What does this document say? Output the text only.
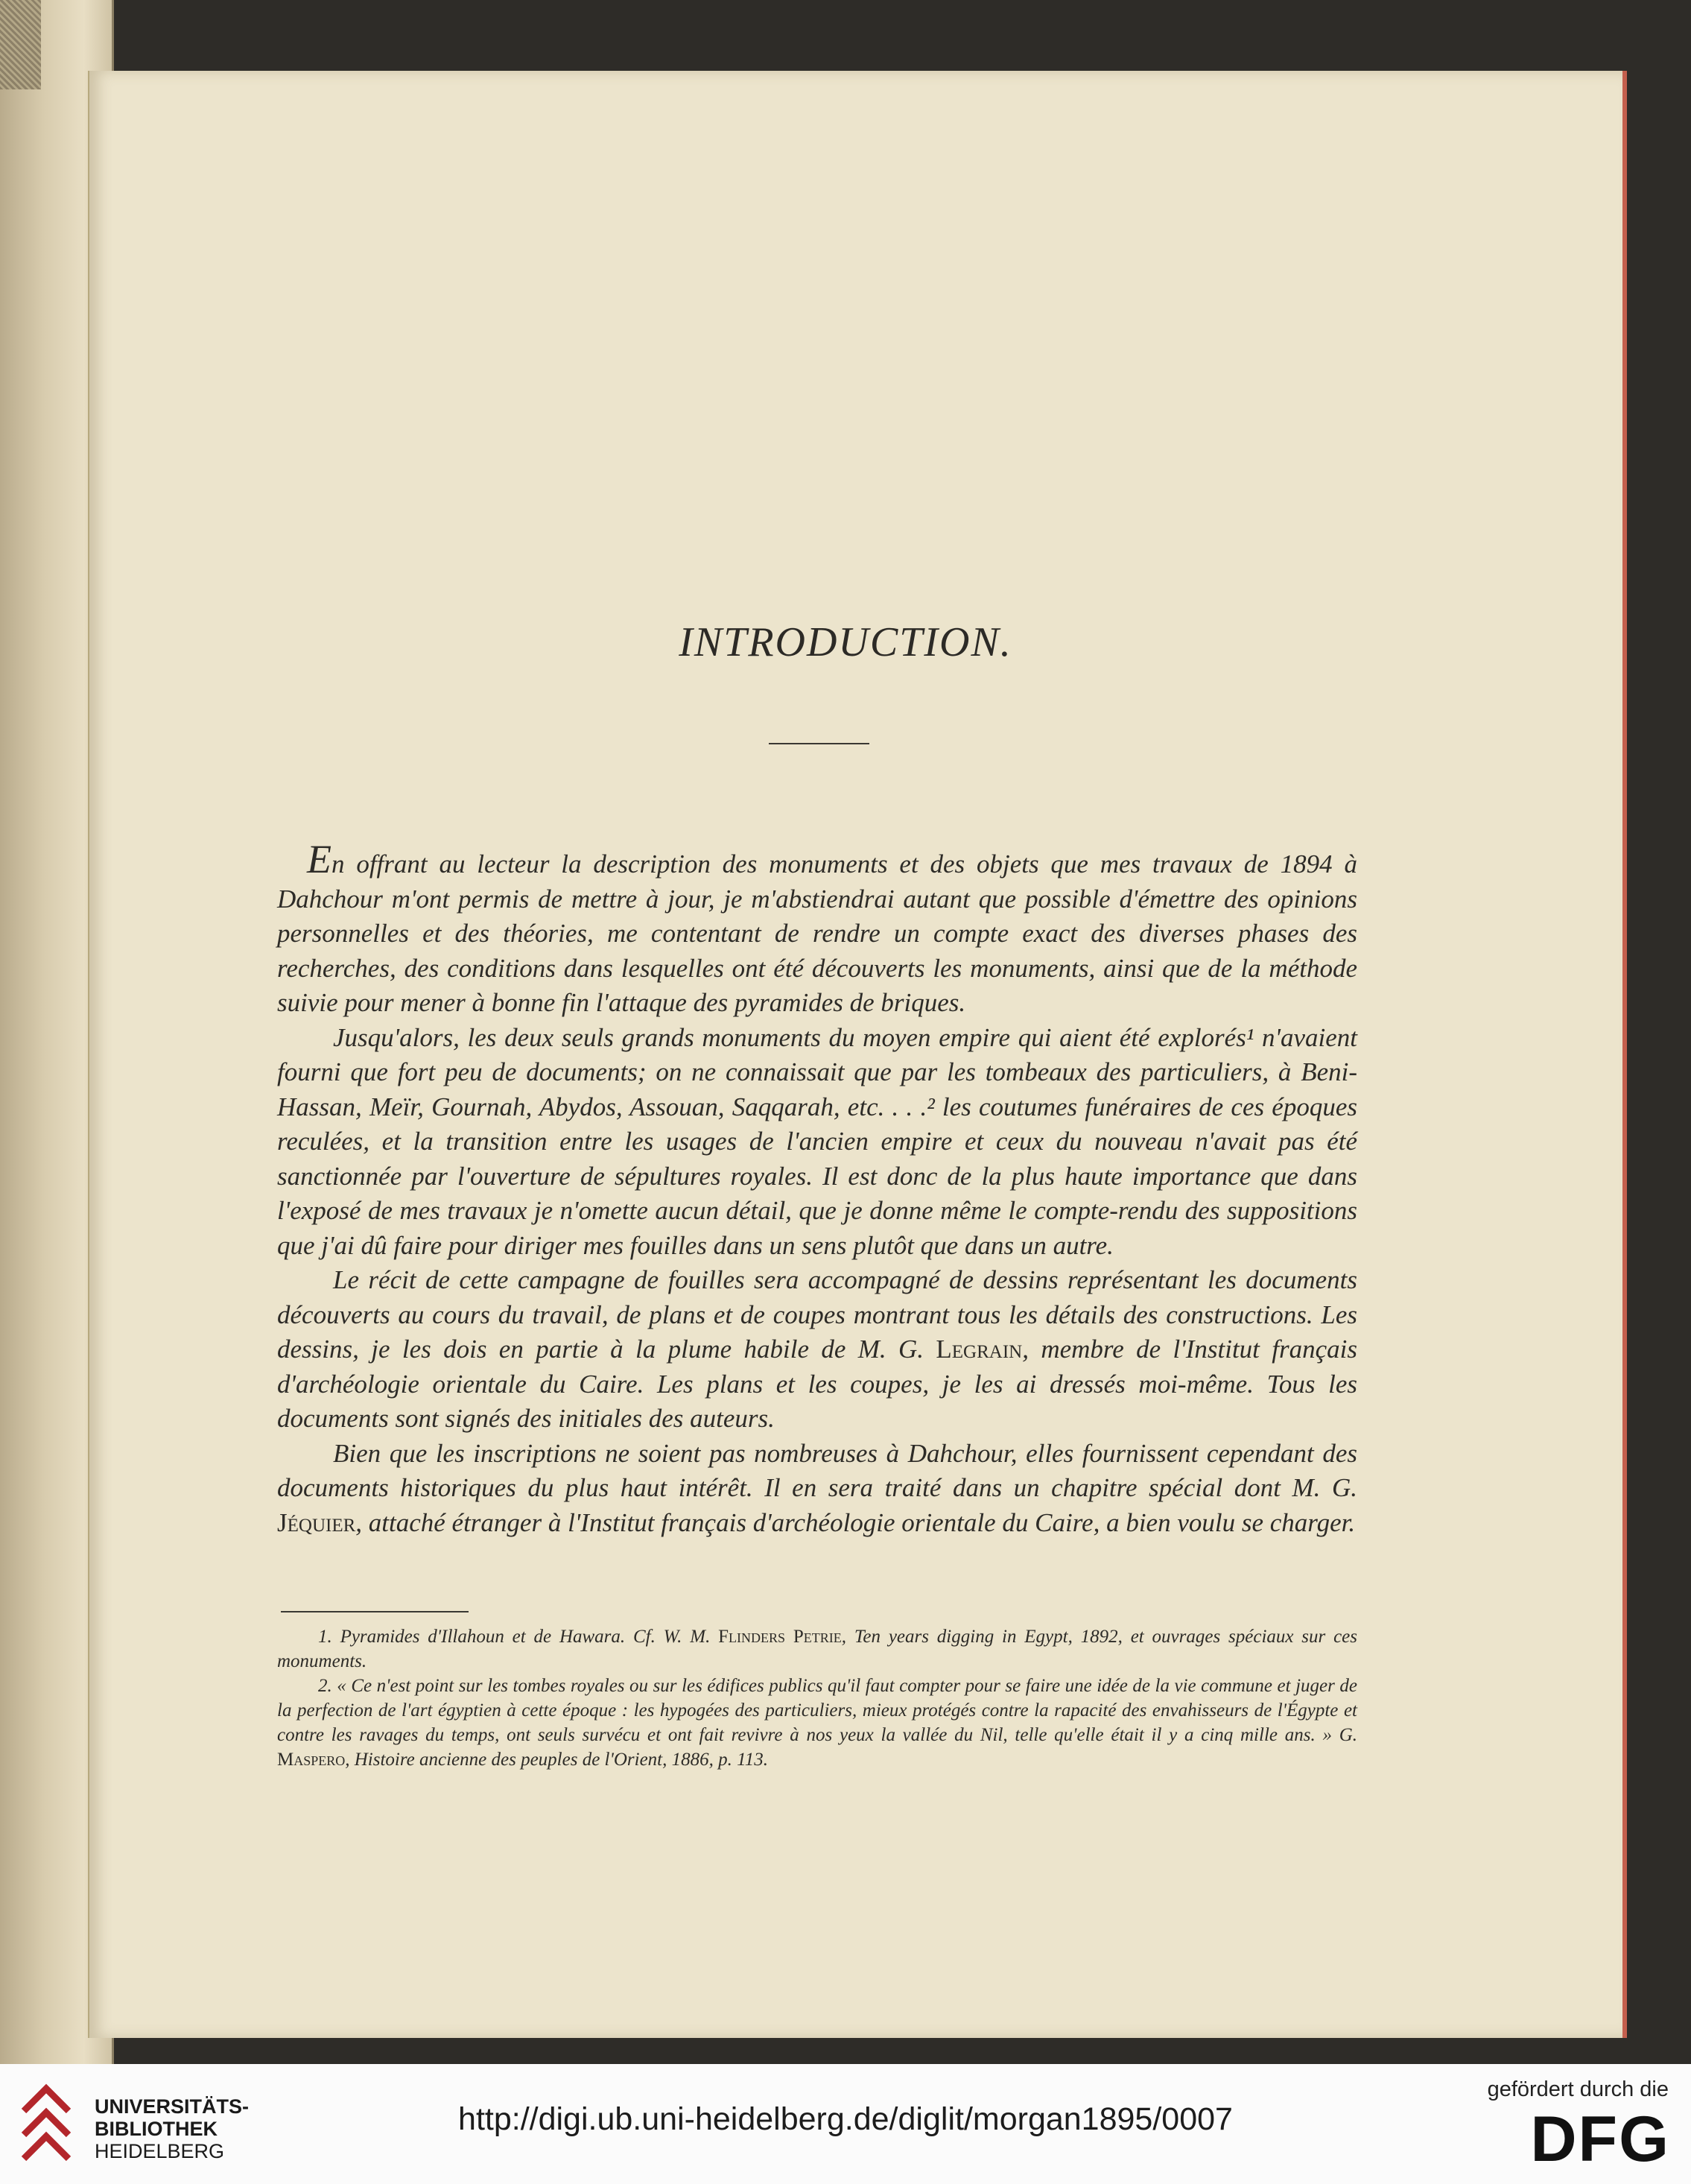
INTRODUCTION.

En offrant au lecteur la description des monuments et des objets que mes travaux de 1894 à Dahchour m'ont permis de mettre à jour, je m'abstiendrai autant que possible d'émettre des opinions personnelles et des théories, me contentant de rendre un compte exact des diverses phases des recherches, des conditions dans lesquelles ont été découverts les monuments, ainsi que de la méthode suivie pour mener à bonne fin l'attaque des pyramides de briques.

Jusqu'alors, les deux seuls grands monuments du moyen empire qui aient été explorés¹ n'avaient fourni que fort peu de documents; on ne connaissait que par les tombeaux des particuliers, à Beni-Hassan, Meïr, Gournah, Abydos, Assouan, Saqqarah, etc. . . .² les coutumes funéraires de ces époques reculées, et la transition entre les usages de l'ancien empire et ceux du nouveau n'avait pas été sanctionnée par l'ouverture de sépultures royales. Il est donc de la plus haute importance que dans l'exposé de mes travaux je n'omette aucun détail, que je donne même le compte-rendu des suppositions que j'ai dû faire pour diriger mes fouilles dans un sens plutôt que dans un autre.

Le récit de cette campagne de fouilles sera accompagné de dessins représentant les documents découverts au cours du travail, de plans et de coupes montrant tous les détails des constructions. Les dessins, je les dois en partie à la plume habile de M. G. Legrain, membre de l'Institut français d'archéologie orientale du Caire. Les plans et les coupes, je les ai dressés moi-même. Tous les documents sont signés des initiales des auteurs.

Bien que les inscriptions ne soient pas nombreuses à Dahchour, elles fournissent cependant des documents historiques du plus haut intérêt. Il en sera traité dans un chapitre spécial dont M. G. Jéquier, attaché étranger à l'Institut français d'archéologie orientale du Caire, a bien voulu se charger.

1. Pyramides d'Illahoun et de Hawara. Cf. W. M. Flinders Petrie, Ten years digging in Egypt, 1892, et ouvrages spéciaux sur ces monuments.

2. « Ce n'est point sur les tombes royales ou sur les édifices publics qu'il faut compter pour se faire une idée de la vie commune et juger de la perfection de l'art égyptien à cette époque : les hypogées des particuliers, mieux protégés contre la rapacité des envahisseurs de l'Égypte et contre les ravages du temps, ont seuls survécu et ont fait revivre à nos yeux la vallée du Nil, telle qu'elle était il y a cinq mille ans. » G. Maspero, Histoire ancienne des peuples de l'Orient, 1886, p. 113.

UNIVERSITÄTS-
BIBLIOTHEK
HEIDELBERG
http://digi.ub.uni-heidelberg.de/diglit/morgan1895/0007
gefördert durch die
DFG
